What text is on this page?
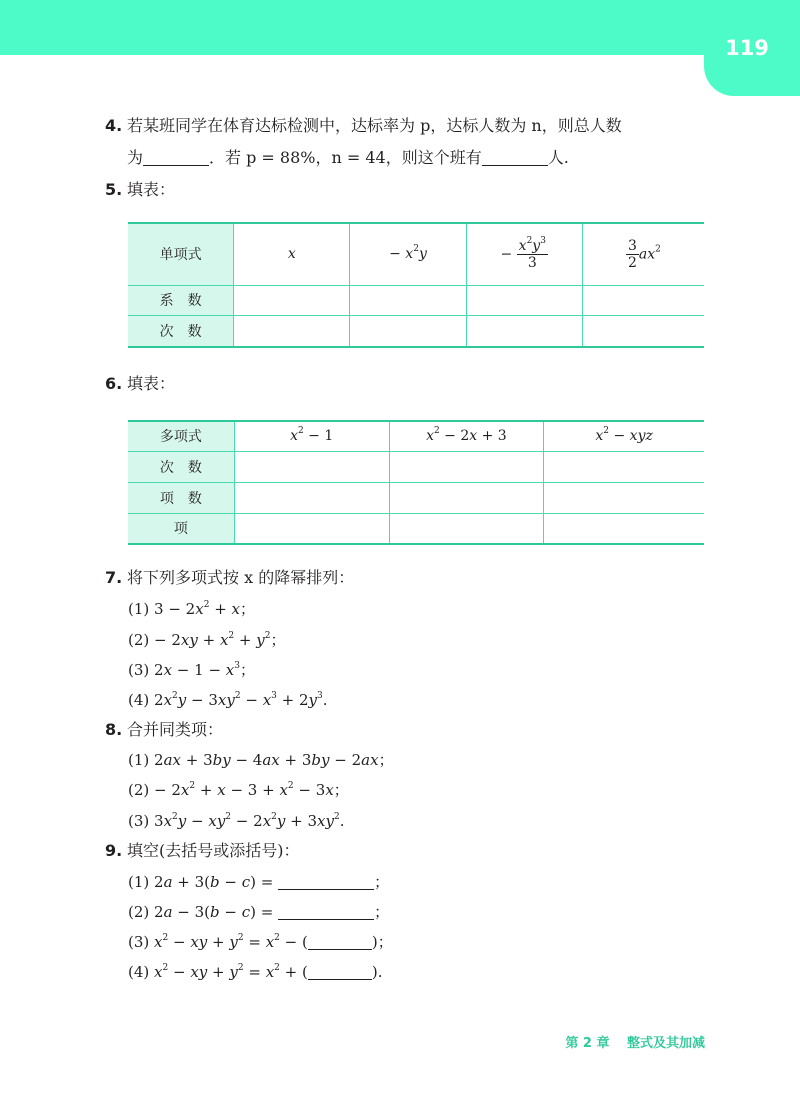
119
4. 若某班同学在体育达标检测中，达标率为 p，达标人数为 n，则总人数
为	．若 p = 88%，n = 44，则这个班有	人.
5. 填表：
单项式	x	− $x^2y$	− $\frac{x^2y^3}{3}$	$\frac{3}{2} ax^2$
系　数				
次　数				
6. 填表：
多项式	$x^2 - 1$	$x^2 - 2x + 3$	$x^2$ − xyz
次　数			
项　数			
项			
7. 将下列多项式按 x 的降幂排列：
(1) $3 - 2x^2 + x$；
$(2) - 2xy + x^2 + y^2$；
(3) $2x - 1 - x^3$；
(4) $2x^2y - 3xy^2 - x^3 + 2y^3$.
8. 合并同类项：
(1) 2ax + 3by − 4ax + 3by − 2ax；
$(2) - 2x^2 + x - 3 + x^2 - 3x$；
(3) $3x^2y - xy^2 - 2x^2y + 3xy^2$.
9. 填空(去括号或添括号)：
(1) 2a + 3(b − c) =	；
(2) 2a − 3(b − c) =	；
(3) $x^2$ − xy + $y^2 = x^2$ − (	)；
(4) $x^2$ − xy + $y^2 = x^2$ + (	).
第 2 章　 整式及其加减
